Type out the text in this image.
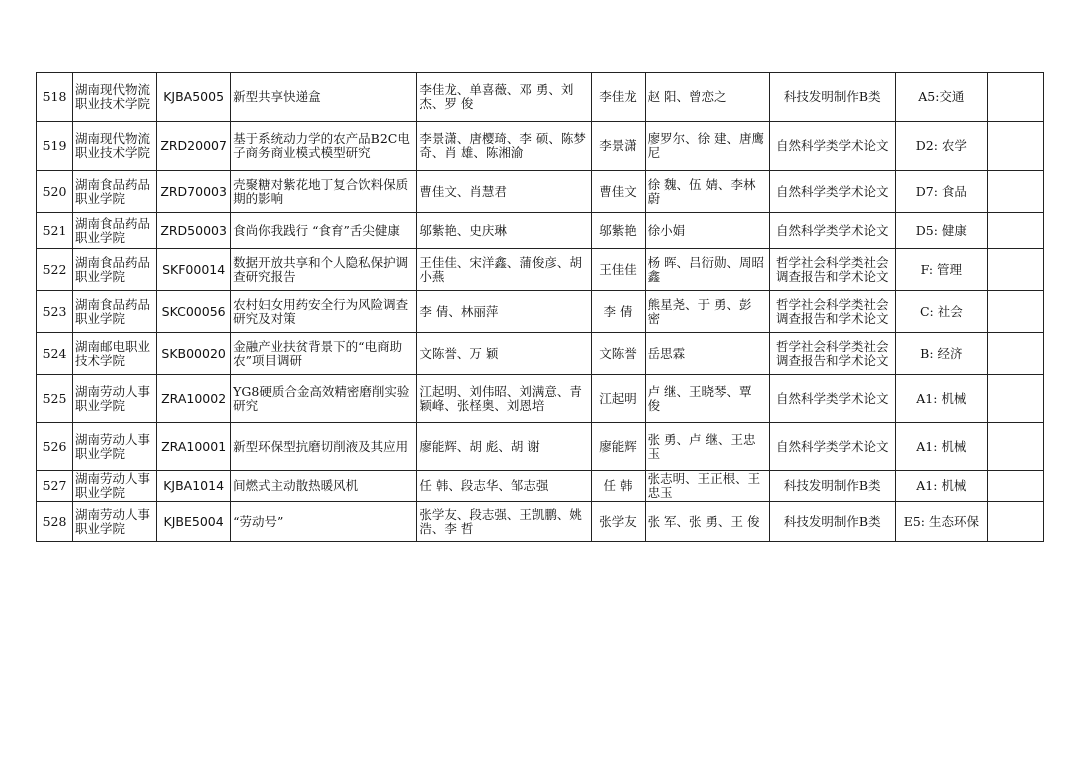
518	湖南现代物流职业技术学院	KJBA5005	新型共享快递盒	李佳龙、单喜薇、邓 勇、刘 杰、罗 俊	李佳龙	赵 阳、曾恋之	科技发明制作B类	A5:交通	
519	湖南现代物流职业技术学院	ZRD20007	基于系统动力学的农产品B2C电子商务商业模式模型研究	李景潇、唐樱琦、李 硕、陈梦奇、肖 雄、陈湘渝	李景潇	廖罗尔、徐 建、唐鹰尼	自然科学类学术论文	D2: 农学	
520	湖南食品药品职业学院	ZRD70003	壳聚糖对紫花地丁复合饮料保质期的影响	曹佳文、肖慧君	曹佳文	徐 魏、伍 婧、李林蔚	自然科学类学术论文	D7: 食品	
521	湖南食品药品职业学院	ZRD50003	食尚你我践行 “食育”舌尖健康	邬紫艳、史庆琳	邬紫艳	徐小娟	自然科学类学术论文	D5: 健康	
522	湖南食品药品职业学院	SKF00014	数据开放共享和个人隐私保护调查研究报告	王佳佳、宋洋鑫、蒲俊彦、胡小燕	王佳佳	杨 晖、吕衍勋、周昭鑫	哲学社会科学类社会调查报告和学术论文	F: 管理	
523	湖南食品药品职业学院	SKC00056	农村妇女用药安全行为风险调查研究及对策	李 倩、林丽萍	李 倩	熊星尧、于 勇、彭 密	哲学社会科学类社会调查报告和学术论文	C: 社会	
524	湖南邮电职业技术学院	SKB00020	金融产业扶贫背景下的“电商助农”项目调研	文陈誉、万 颖	文陈誉	岳思霖	哲学社会科学类社会调查报告和学术论文	B: 经济	
525	湖南劳动人事职业学院	ZRA10002	YG8硬质合金高效精密磨削实验研究	江起明、刘伟昭、刘满意、青颖峰、张柽奥、刘恩培	江起明	卢 继、王晓琴、覃 俊	自然科学类学术论文	A1: 机械	
526	湖南劳动人事职业学院	ZRA10001	新型环保型抗磨切削液及其应用	廖能辉、胡 彪、胡 谢	廖能辉	张 勇、卢 继、王忠玉	自然科学类学术论文	A1: 机械	
527	湖南劳动人事职业学院	KJBA1014	间燃式主动散热暖风机	任 韩、段志华、邹志强	任 韩	张志明、王正根、王忠玉	科技发明制作B类	A1: 机械	
528	湖南劳动人事职业学院	KJBE5004	“劳动号”	张学友、段志强、王凯鹏、姚 浩、李 哲	张学友	张 军、张 勇、王 俊	科技发明制作B类	E5: 生态环保	
